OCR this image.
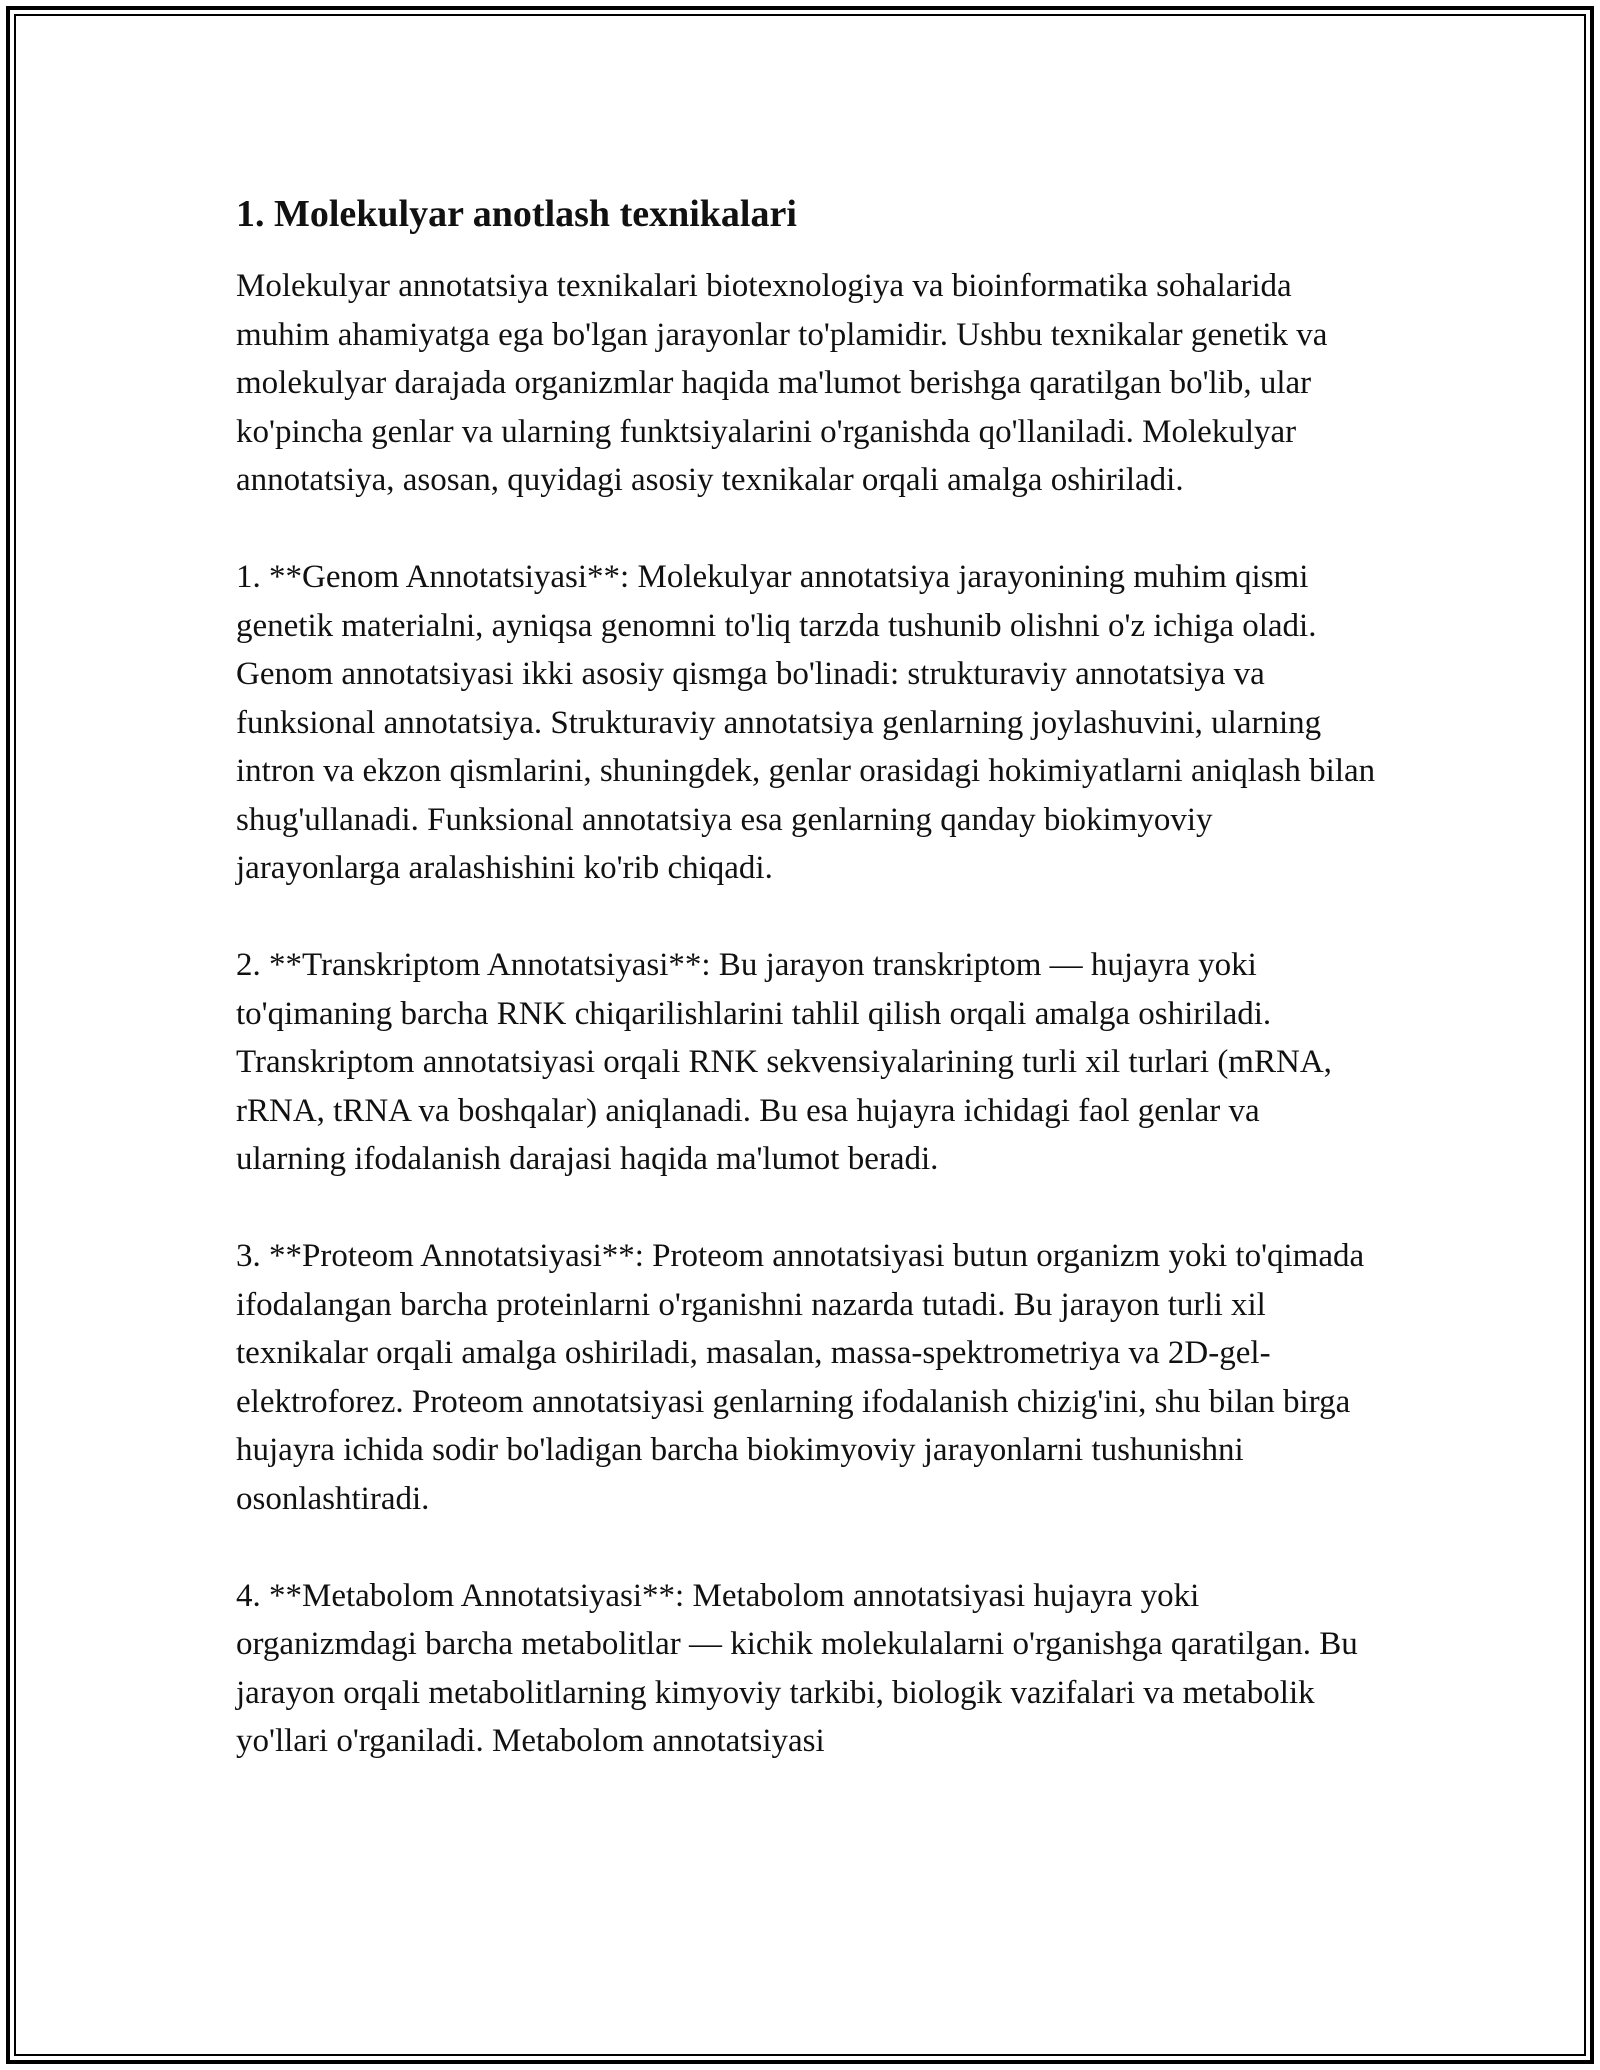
1. Molekulyar anotlash texnikalari

Molekulyar annotatsiya texnikalari biotexnologiya va bioinformatika sohalarida muhim ahamiyatga ega bo'lgan jarayonlar to'plamidir. Ushbu texnikalar genetik va molekulyar darajada organizmlar haqida ma'lumot berishga qaratilgan bo'lib, ular ko'pincha genlar va ularning funktsiyalarini o'rganishda qo'llaniladi. Molekulyar annotatsiya, asosan, quyidagi asosiy texnikalar orqali amalga oshiriladi.

1. **Genom Annotatsiyasi**: Molekulyar annotatsiya jarayonining muhim qismi genetik materialni, ayniqsa genomni to'liq tarzda tushunib olishni o'z ichiga oladi. Genom annotatsiyasi ikki asosiy qismga bo'linadi: strukturaviy annotatsiya va funksional annotatsiya. Strukturaviy annotatsiya genlarning joylashuvini, ularning intron va ekzon qismlarini, shuningdek, genlar orasidagi hokimiyatlarni aniqlash bilan shug'ullanadi. Funksional annotatsiya esa genlarning qanday biokimyoviy jarayonlarga aralashishini ko'rib chiqadi.

2. **Transkriptom Annotatsiyasi**: Bu jarayon transkriptom — hujayra yoki to'qimaning barcha RNK chiqarilishlarini tahlil qilish orqali amalga oshiriladi. Transkriptom annotatsiyasi orqali RNK sekvensiyalarining turli xil turlari (mRNA, rRNA, tRNA va boshqalar) aniqlanadi. Bu esa hujayra ichidagi faol genlar va ularning ifodalanish darajasi haqida ma'lumot beradi.

3. **Proteom Annotatsiyasi**: Proteom annotatsiyasi butun organizm yoki to'qimada ifodalangan barcha proteinlarni o'rganishni nazarda tutadi. Bu jarayon turli xil texnikalar orqali amalga oshiriladi, masalan, massa-spektrometriya va 2D-gel-elektroforez. Proteom annotatsiyasi genlarning ifodalanish chizig'ini, shu bilan birga hujayra ichida sodir bo'ladigan barcha biokimyoviy jarayonlarni tushunishni osonlashtiradi.

4. **Metabolom Annotatsiyasi**: Metabolom annotatsiyasi hujayra yoki organizmdagi barcha metabolitlar — kichik molekulalarni o'rganishga qaratilgan. Bu jarayon orqali metabolitlarning kimyoviy tarkibi, biologik vazifalari va metabolik yo'llari o'rganiladi. Metabolom annotatsiyasi
